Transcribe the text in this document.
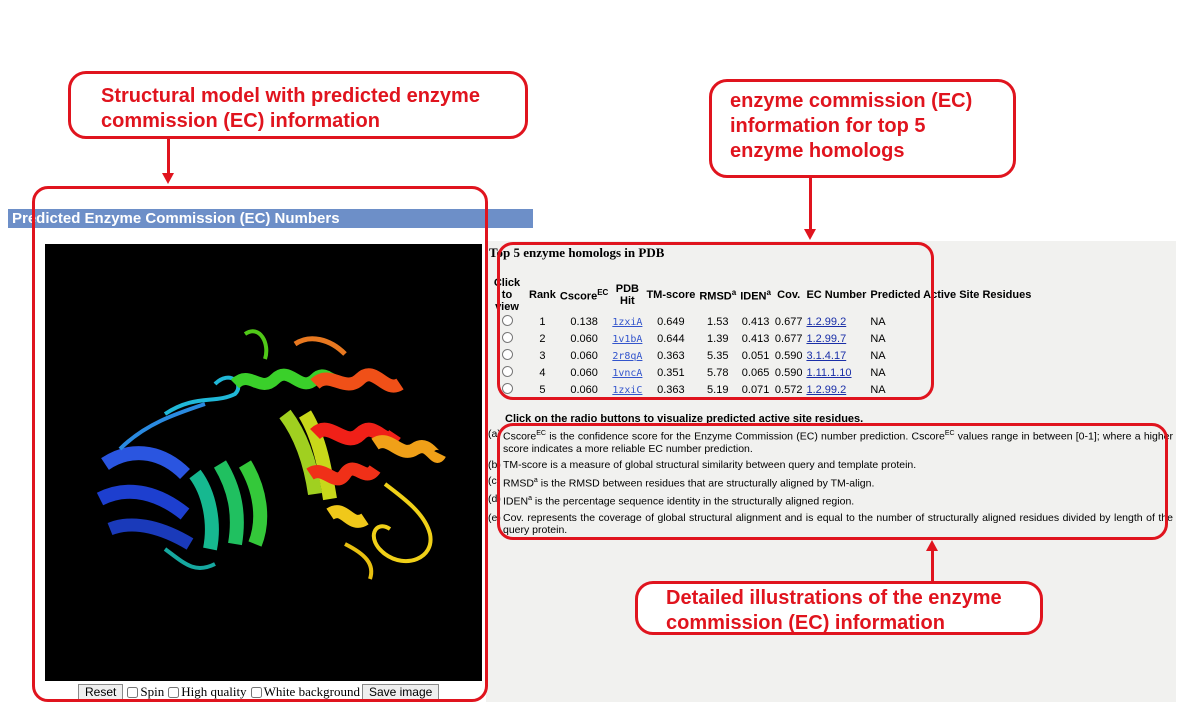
Predicted Enzyme Commission (EC) Numbers
Reset	Spin High quality White background Save image
Top 5 enzyme homologs in PDB
Click to view	Rank	Cscore$^{EC}$	PDB Hit	TM-score	RMSD$^a$	IDEN$^a$	Cov.	EC Number	Predicted Active Site Residues
	1	0.138	1zxiA	0.649	1.53	0.413	0.677	1.2.99.2	NA
	2	0.060	1v1bA	0.644	1.39	0.413	0.677	1.2.99.7	NA
	3	0.060	2r8qA	0.363	5.35	0.051	0.590	3.1.4.17	NA
	4	0.060	1vncA	0.351	5.78	0.065	0.590	1.11.1.10	NA
	5	0.060	1zxiC	0.363	5.19	0.071	0.572	1.2.99.2	NA
Click on the radio buttons to visualize predicted active site residues.
(a) Cscore$^{EC}$ is the confidence score for the Enzyme Commission (EC) number prediction. Cscore$^{EC}$ values range in between [0-1]; where a higher score indicates a more reliable EC number prediction.
(b) TM-score is a measure of global structural similarity between query and template protein.
(c) RMSD$^a$ is the RMSD between residues that are structurally aligned by TM-align.
(d) IDEN$^a$ is the percentage sequence identity in the structurally aligned region.
(e) Cov. represents the coverage of global structural alignment and is equal to the number of structurally aligned residues divided by length of the query protein.
Structural model with predicted enzyme
commission (EC) information
enzyme commission (EC)
information for top 5
enzyme homologs
Detailed illustrations of the enzyme
commission (EC) information
